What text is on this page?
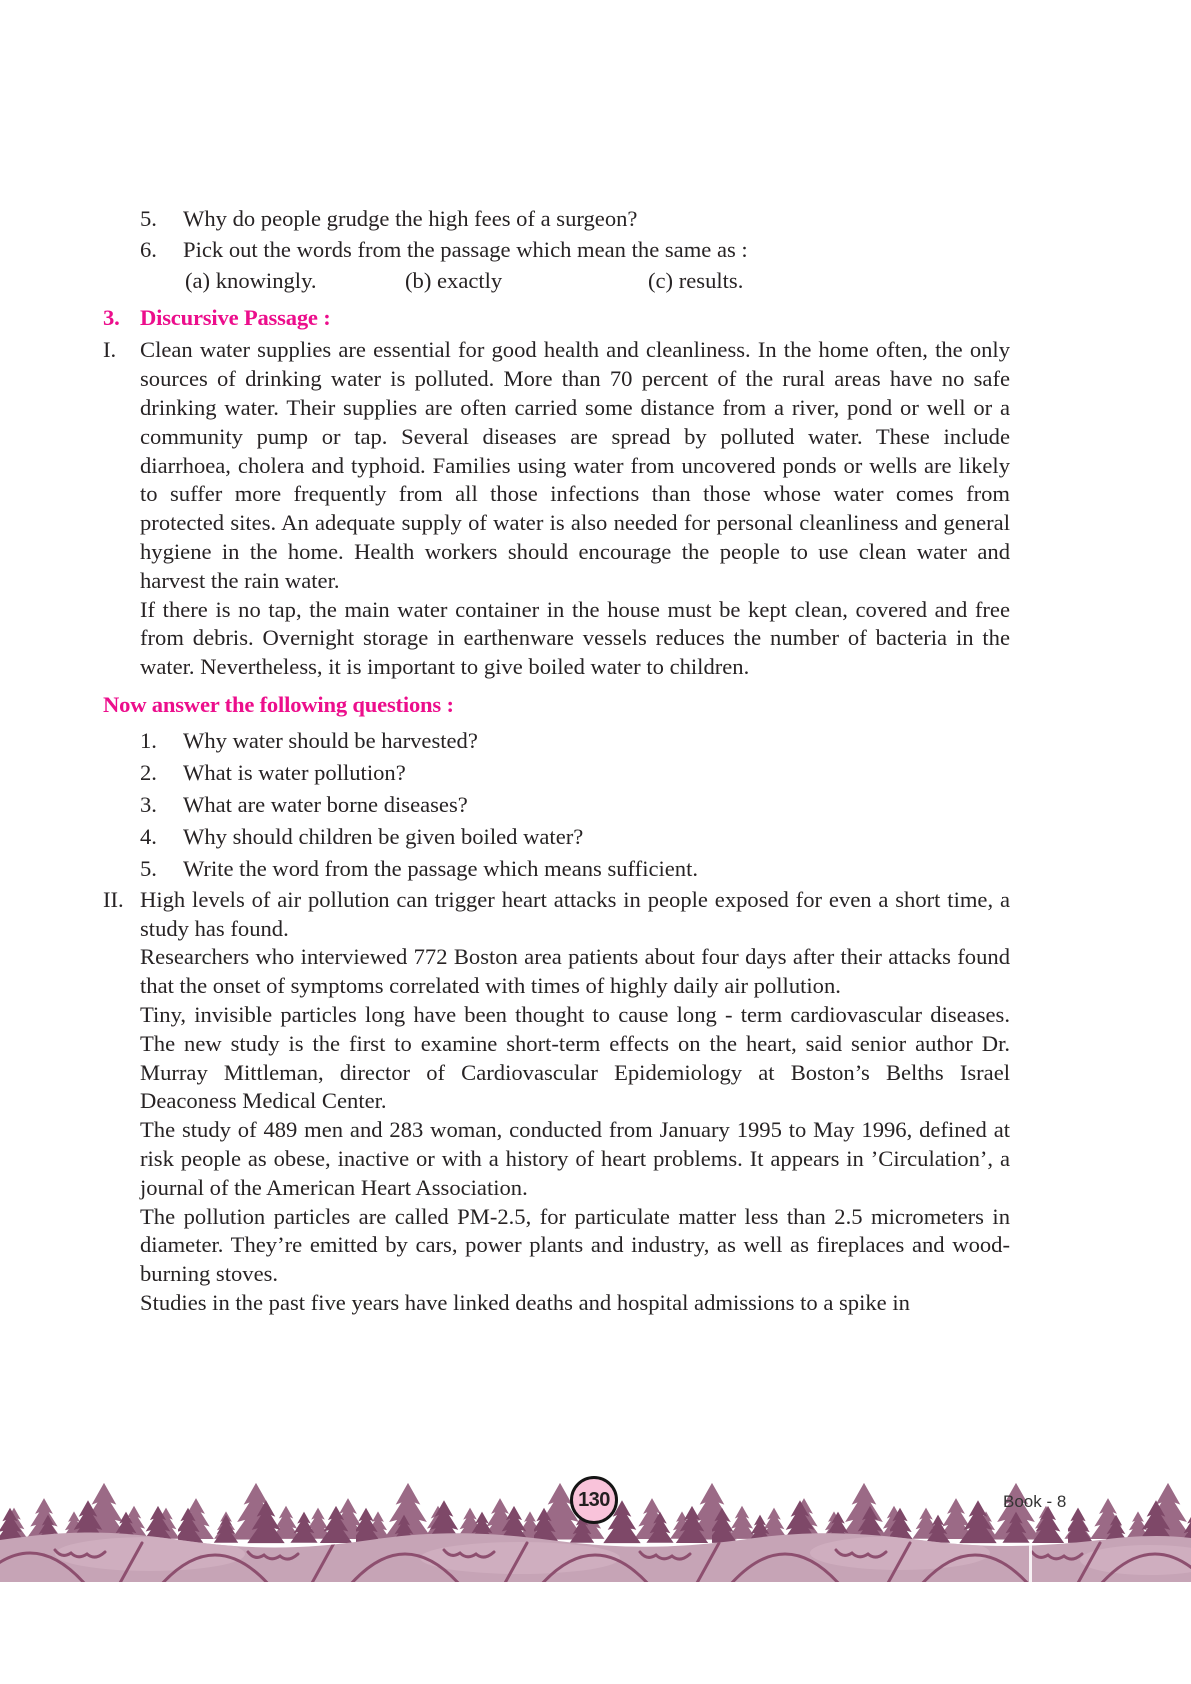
5. Why do people grudge the high fees of a surgeon?
6. Pick out the words from the passage which mean the same as :
(a) knowingly.	(b) exactly	(c) results.
3. Discursive Passage :
I. Clean water supplies are essential for good health and cleanliness. In the home often, the only sources of drinking water is polluted. More than 70 percent of the rural areas have no safe drinking water. Their supplies are often carried some distance from a river, pond or well or a community pump or tap. Several diseases are spread by polluted water. These include diarrhoea, cholera and typhoid. Families using water from uncovered ponds or wells are likely to suffer more frequently from all those infections than those whose water comes from protected sites. An adequate supply of water is also needed for personal cleanliness and general hygiene in the home. Health workers should encourage the people to use clean water and harvest the rain water.

If there is no tap, the main water container in the house must be kept clean, covered and free from debris. Overnight storage in earthenware vessels reduces the number of bacteria in the water. Nevertheless, it is important to give boiled water to children.

Now answer the following questions :
1. Why water should be harvested?
2. What is water pollution?
3. What are water borne diseases?
4. Why should children be given boiled water?
5. Write the word from the passage which means sufficient.
II. High levels of air pollution can trigger heart attacks in people exposed for even a short time, a study has found.

Researchers who interviewed 772 Boston area patients about four days after their attacks found that the onset of symptoms correlated with times of highly daily air pollution.

Tiny, invisible particles long have been thought to cause long - term cardiovascular diseases. The new study is the first to examine short-term effects on the heart, said senior author Dr. Murray Mittleman, director of Cardiovascular Epidemiology at Boston’s Belths Israel Deaconess Medical Center.

The study of 489 men and 283 woman, conducted from January 1995 to May 1996, defined at risk people as obese, inactive or with a history of heart problems. It appears in ’Circulation’, a journal of the American Heart Association.

The pollution particles are called PM-2.5, for particulate matter less than 2.5 micrometers in diameter. They’re emitted by cars, power plants and industry, as well as fireplaces and wood- burning stoves.

Studies in the past five years have linked deaths and hospital admissions to a spike in

130	Book - 8
